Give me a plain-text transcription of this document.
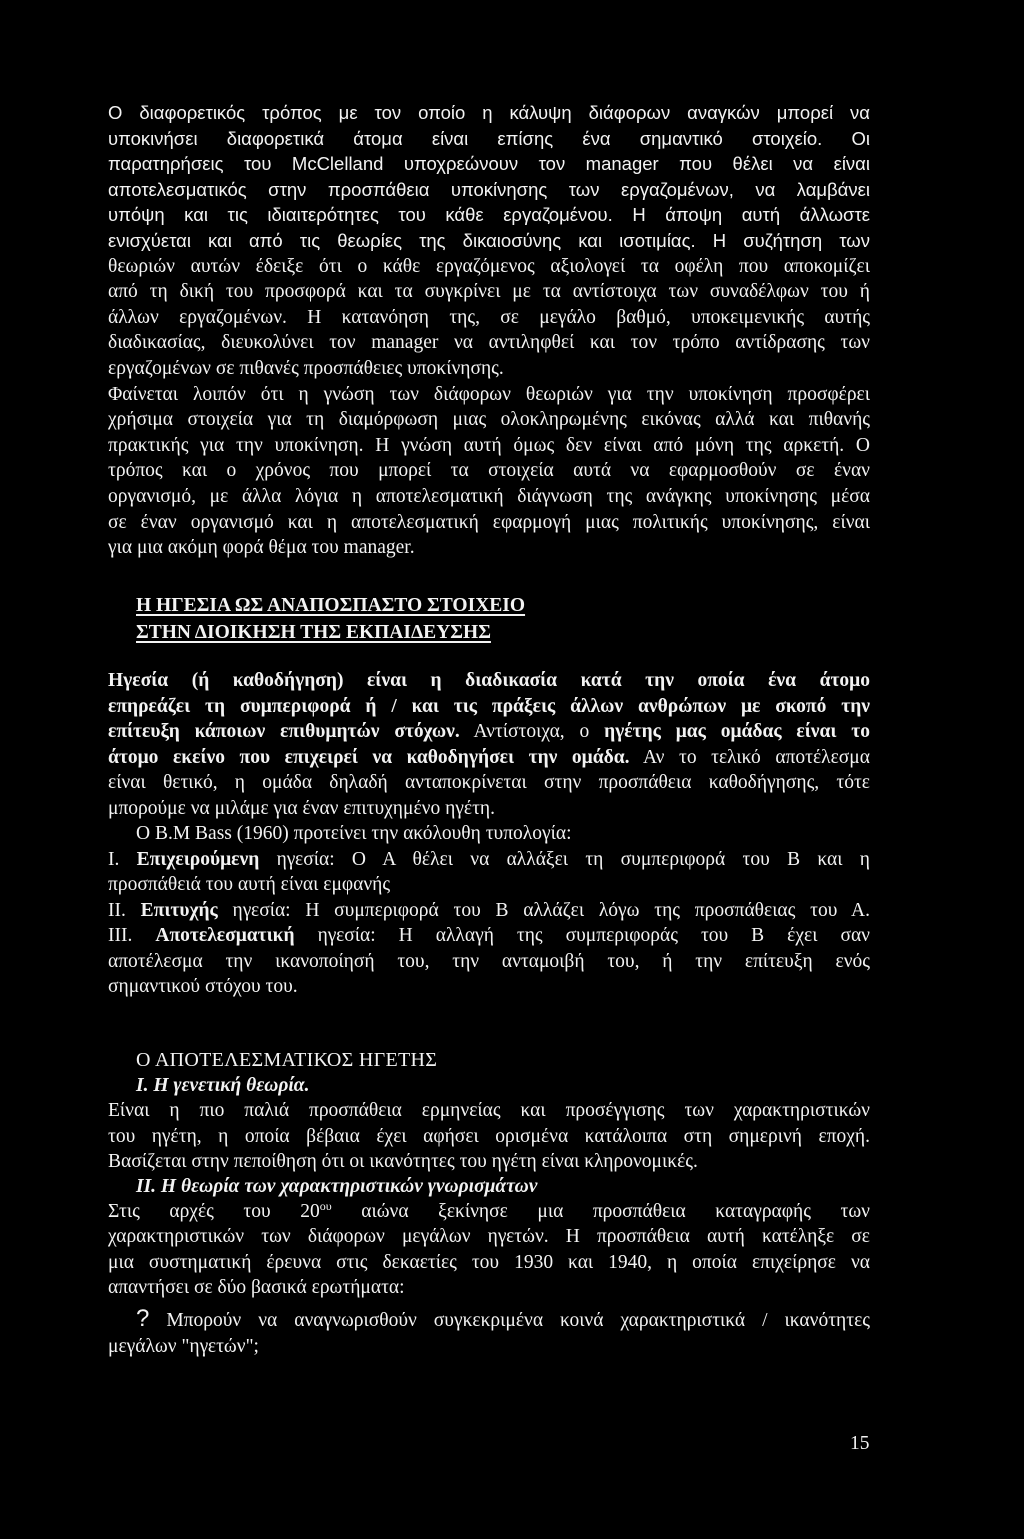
Ο διαφορετικός τρόπος με τον οποίο η κάλυψη διάφορων αναγκών μπορεί να
υποκινήσει διαφορετικά άτομα είναι επίσης ένα σημαντικό στοιχείο. Οι
παρατηρήσεις του McClelland υποχρεώνουν τον manager που θέλει να είναι
αποτελεσματικός στην προσπάθεια υποκίνησης των εργαζομένων, να λαμβάνει
υπόψη και τις ιδιαιτερότητες του κάθε εργαζομένου. Η άποψη αυτή άλλωστε
ενισχύεται και από τις θεωρίες της δικαιοσύνης και ισοτιμίας. Η συζήτηση των
θεωριών αυτών έδειξε ότι ο κάθε εργαζόμενος αξιολογεί τα οφέλη που αποκομίζει
από τη δική του προσφορά και τα συγκρίνει με τα αντίστοιχα των συναδέλφων του ή
άλλων εργαζομένων. Η κατανόηση της, σε μεγάλο βαθμό, υποκειμενικής αυτής
διαδικασίας, διευκολύνει τον manager να αντιληφθεί και τον τρόπο αντίδρασης των
εργαζομένων σε πιθανές προσπάθειες υποκίνησης.
Φαίνεται λοιπόν ότι η γνώση των διάφορων θεωριών για την υποκίνηση προσφέρει
χρήσιμα στοιχεία για τη διαμόρφωση μιας ολοκληρωμένης εικόνας αλλά και πιθανής
πρακτικής για την υποκίνηση. Η γνώση αυτή όμως δεν είναι από μόνη της αρκετή. Ο
τρόπος και ο χρόνος που μπορεί τα στοιχεία αυτά να εφαρμοσθούν σε έναν
οργανισμό, με άλλα λόγια η αποτελεσματική διάγνωση της ανάγκης υποκίνησης μέσα
σε έναν οργανισμό και η αποτελεσματική εφαρμογή μιας πολιτικής υποκίνησης, είναι
για μια ακόμη φορά θέμα του manager.
Η ΗΓΕΣΙΑ ΩΣ ΑΝΑΠΟΣΠΑΣΤΟ ΣΤΟΙΧΕΙΟ
ΣΤΗΝ ΔΙΟΙΚΗΣΗ ΤΗΣ ΕΚΠΑΙΔΕΥΣΗΣ
Ηγεσία (ή καθοδήγηση) είναι η διαδικασία κατά την οποία ένα άτομο
επηρεάζει τη συμπεριφορά ή / και τις πράξεις άλλων ανθρώπων με σκοπό την
επίτευξη κάποιων επιθυμητών στόχων. Αντίστοιχα, ο ηγέτης μας ομάδας είναι το
άτομο εκείνο που επιχειρεί να καθοδηγήσει την ομάδα. Αν το τελικό αποτέλεσμα
είναι θετικό, η ομάδα δηλαδή ανταποκρίνεται στην προσπάθεια καθοδήγησης, τότε
μπορούμε να μιλάμε για έναν επιτυχημένο ηγέτη.
Ο Β.Μ Bass (1960) προτείνει την ακόλουθη τυπολογία:
I. Επιχειρούμενη ηγεσία: Ο Α θέλει να αλλάξει τη συμπεριφορά του Β και η
προσπάθειά του αυτή είναι εμφανής
II. Επιτυχής ηγεσία: Η συμπεριφορά του Β αλλάζει λόγω της προσπάθειας του Α.
III. Αποτελεσματική ηγεσία: Η αλλαγή της συμπεριφοράς του Β έχει σαν
αποτέλεσμα την ικανοποίησή του, την ανταμοιβή του, ή την επίτευξη ενός
σημαντικού στόχου του.
Ο ΑΠΟΤΕΛΕΣΜΑΤΙΚΟΣ ΗΓΕΤΗΣ
I. Η γενετική θεωρία.
Είναι η πιο παλιά προσπάθεια ερμηνείας και προσέγγισης των χαρακτηριστικών
του ηγέτη, η οποία βέβαια έχει αφήσει ορισμένα κατάλοιπα στη σημερινή εποχή.
Βασίζεται στην πεποίθηση ότι οι ικανότητες του ηγέτη είναι κληρονομικές.
II. Η θεωρία των χαρακτηριστικών γνωρισμάτων
Στις αρχές του $20^{o\upsilon}$ αιώνα ξεκίνησε μια προσπάθεια καταγραφής των
χαρακτηριστικών των διάφορων μεγάλων ηγετών. Η προσπάθεια αυτή κατέληξε σε
μια συστηματική έρευνα στις δεκαετίες του 1930 και 1940, η οποία επιχείρησε να
απαντήσει σε δύο βασικά ερωτήματα:
? Μπορούν να αναγνωρισθούν συγκεκριμένα κοινά χαρακτηριστικά / ικανότητες
μεγάλων "ηγετών";
15
